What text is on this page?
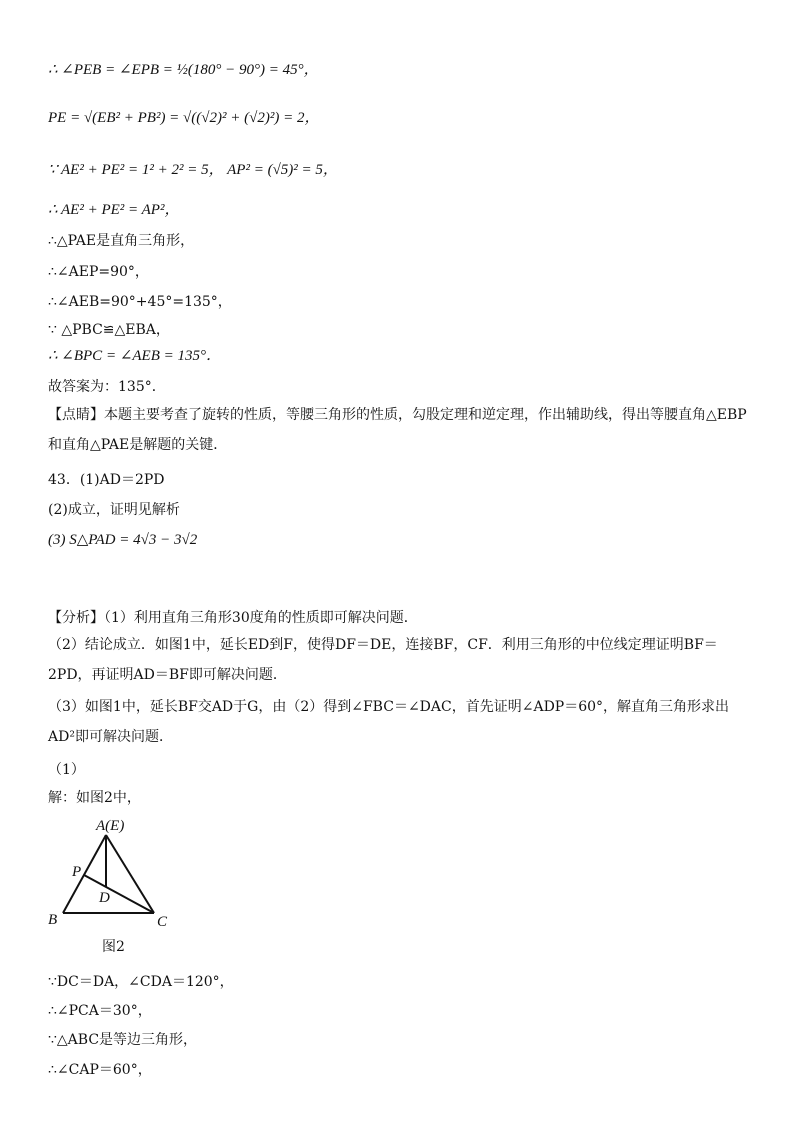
∴ ∠PEB = ∠EPB = ½(180° − 90°) = 45°，
PE = √(EB² + PB²) = √((√2)² + (√2)²) = 2，
∵ AE² + PE² = 1² + 2² = 5， AP² = (√5)² = 5，
∴ AE² + PE² = AP²，
∴△PAE是直角三角形，
∴∠AEP=90°，
∴∠AEB=90°+45°=135°，
∵ △PBC≌△EBA，
∴ ∠BPC = ∠AEB = 135°．
故答案为：135°．
【点睛】本题主要考查了旋转的性质，等腰三角形的性质，勾股定理和逆定理，作出辅助线，得出等腰直角△EBP和直角△PAE是解题的关键．
43．(1)AD＝2PD
(2)成立，证明见解析
(3) S△PAD = 4√3 − 3√2
【分析】（1）利用直角三角形30度角的性质即可解决问题．
（2）结论成立．如图1中，延长ED到F，使得DF＝DE，连接BF，CF．利用三角形的中位线定理证明BF＝2PD，再证明AD＝BF即可解决问题．
（3）如图1中，延长BF交AD于G，由（2）得到∠FBC＝∠DAC，首先证明∠ADP＝60°，解直角三角形求出AD²即可解决问题．
（1）
解：如图2中，
A(E)
B	C
P
D
图2
∵DC＝DA，∠CDA＝120°，
∴∠PCA＝30°，
∵△ABC是等边三角形，
∴∠CAP＝60°，
